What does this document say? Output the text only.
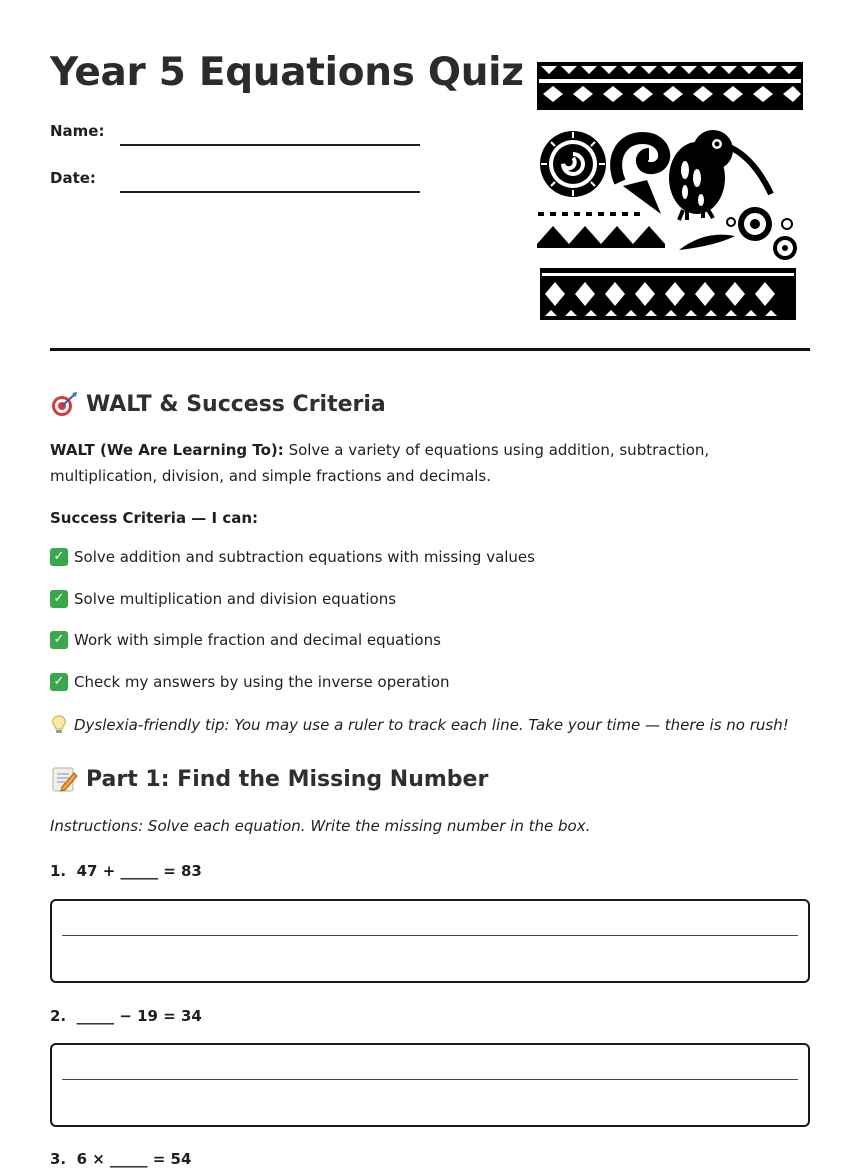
Year 5 Equations Quiz
Name:
Date:
WALT & Success Criteria

WALT (We Are Learning To): Solve a variety of equations using addition, subtraction, multiplication, division, and simple fractions and decimals.

Success Criteria — I can:
✓ Solve addition and subtraction equations with missing values
✓ Solve multiplication and division equations
✓ Work with simple fraction and decimal equations
✓ Check my answers by using the inverse operation
Dyslexia-friendly tip: You may use a ruler to track each line. Take your time — there is no rush!
Part 1: Find the Missing Number
Instructions: Solve each equation. Write the missing number in the box.
1. 47 + _____ = 83
2. _____ − 19 = 34
3. 6 × _____ = 54
